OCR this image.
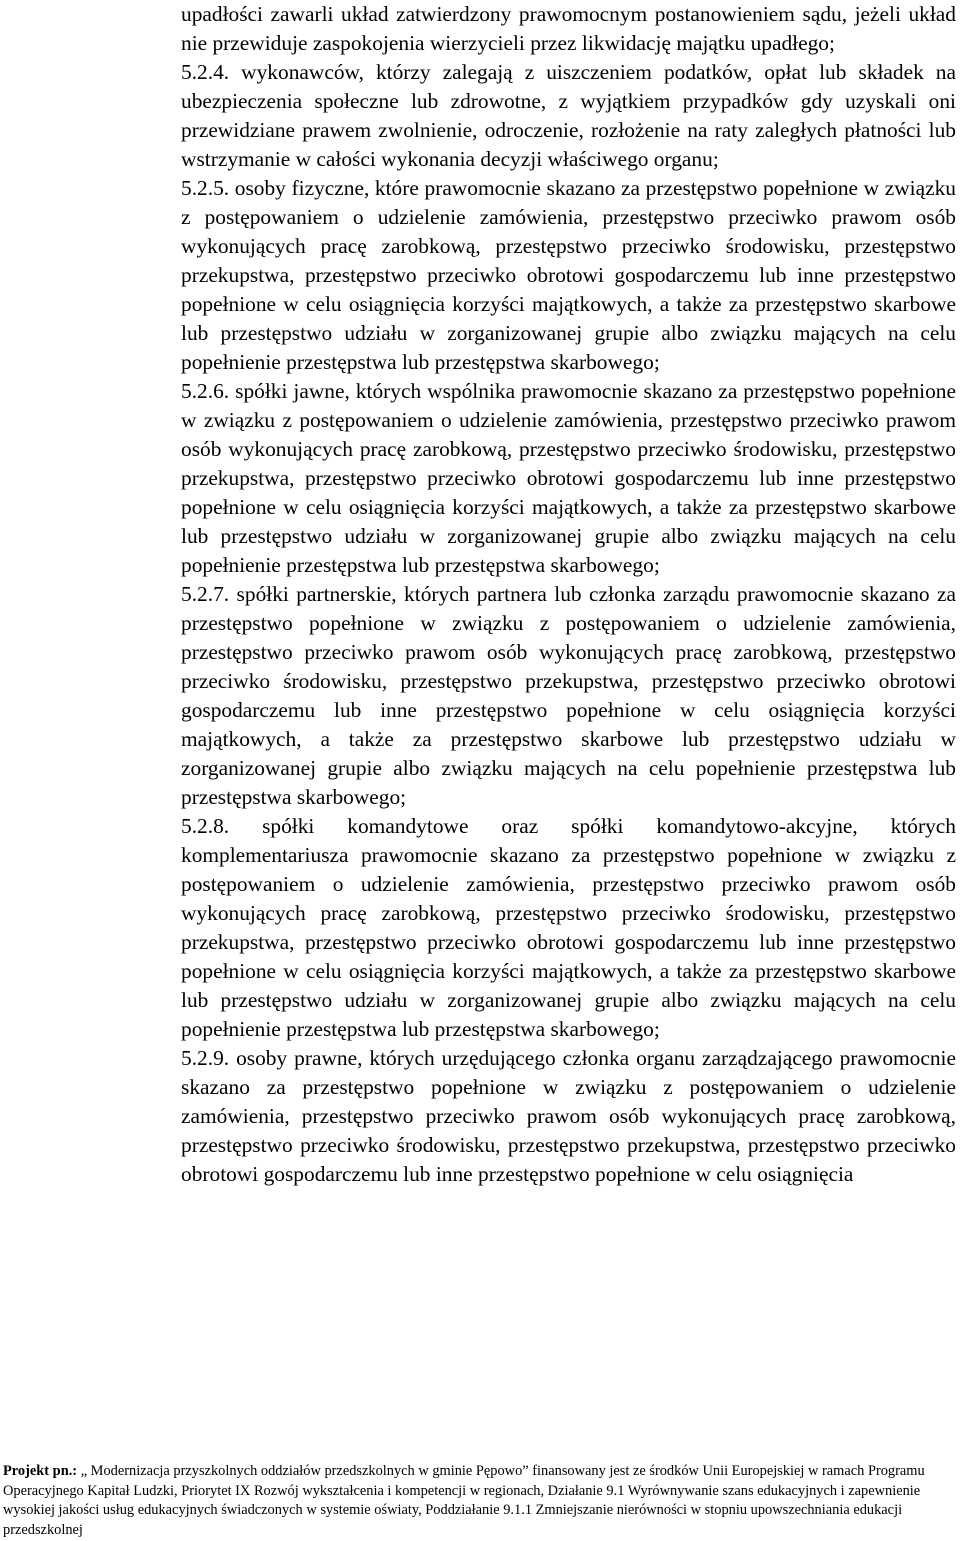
upadłości zawarli układ zatwierdzony prawomocnym postanowieniem sądu, jeżeli układ nie przewiduje zaspokojenia wierzycieli przez likwidację majątku upadłego;

5.2.4. wykonawców, którzy zalegają z uiszczeniem podatków, opłat lub składek na ubezpieczenia społeczne lub zdrowotne, z wyjątkiem przypadków gdy uzyskali oni przewidziane prawem zwolnienie, odroczenie, rozłożenie na raty zaległych płatności lub wstrzymanie w całości wykonania decyzji właściwego organu;

5.2.5. osoby fizyczne, które prawomocnie skazano za przestępstwo popełnione w związku z postępowaniem o udzielenie zamówienia, przestępstwo przeciwko prawom osób wykonujących pracę zarobkową, przestępstwo przeciwko środowisku, przestępstwo przekupstwa, przestępstwo przeciwko obrotowi gospodarczemu lub inne przestępstwo popełnione w celu osiągnięcia korzyści majątkowych, a także za przestępstwo skarbowe lub przestępstwo udziału w zorganizowanej grupie albo związku mających na celu popełnienie przestępstwa lub przestępstwa skarbowego;

5.2.6. spółki jawne, których wspólnika prawomocnie skazano za przestępstwo popełnione w związku z postępowaniem o udzielenie zamówienia, przestępstwo przeciwko prawom osób wykonujących pracę zarobkową, przestępstwo przeciwko środowisku, przestępstwo przekupstwa, przestępstwo przeciwko obrotowi gospodarczemu lub inne przestępstwo popełnione w celu osiągnięcia korzyści majątkowych, a także za przestępstwo skarbowe lub przestępstwo udziału w zorganizowanej grupie albo związku mających na celu popełnienie przestępstwa lub przestępstwa skarbowego;

5.2.7. spółki partnerskie, których partnera lub członka zarządu prawomocnie skazano za przestępstwo popełnione w związku z postępowaniem o udzielenie zamówienia, przestępstwo przeciwko prawom osób wykonujących pracę zarobkową, przestępstwo przeciwko środowisku, przestępstwo przekupstwa, przestępstwo przeciwko obrotowi gospodarczemu lub inne przestępstwo popełnione w celu osiągnięcia korzyści majątkowych, a także za przestępstwo skarbowe lub przestępstwo udziału w zorganizowanej grupie albo związku mających na celu popełnienie przestępstwa lub przestępstwa skarbowego;

5.2.8. spółki komandytowe oraz spółki komandytowo-akcyjne, których komplementariusza prawomocnie skazano za przestępstwo popełnione w związku z postępowaniem o udzielenie zamówienia, przestępstwo przeciwko prawom osób wykonujących pracę zarobkową, przestępstwo przeciwko środowisku, przestępstwo przekupstwa, przestępstwo przeciwko obrotowi gospodarczemu lub inne przestępstwo popełnione w celu osiągnięcia korzyści majątkowych, a także za przestępstwo skarbowe lub przestępstwo udziału w zorganizowanej grupie albo związku mających na celu popełnienie przestępstwa lub przestępstwa skarbowego;

5.2.9. osoby prawne, których urzędującego członka organu zarządzającego prawomocnie skazano za przestępstwo popełnione w związku z postępowaniem o udzielenie zamówienia, przestępstwo przeciwko prawom osób wykonujących pracę zarobkową, przestępstwo przeciwko środowisku, przestępstwo przekupstwa, przestępstwo przeciwko obrotowi gospodarczemu lub inne przestępstwo popełnione w celu osiągnięcia

Projekt pn.: „ Modernizacja przyszkolnych oddziałów przedszkolnych w gminie Pępowo” finansowany jest ze środków Unii Europejskiej w ramach Programu Operacyjnego Kapitał Ludzki, Priorytet IX Rozwój wykształcenia i kompetencji w regionach, Działanie 9.1 Wyrównywanie szans edukacyjnych i zapewnienie wysokiej jakości usług edukacyjnych świadczonych w systemie oświaty, Poddziałanie 9.1.1 Zmniejszanie nierówności w stopniu upowszechniania edukacji przedszkolnej
